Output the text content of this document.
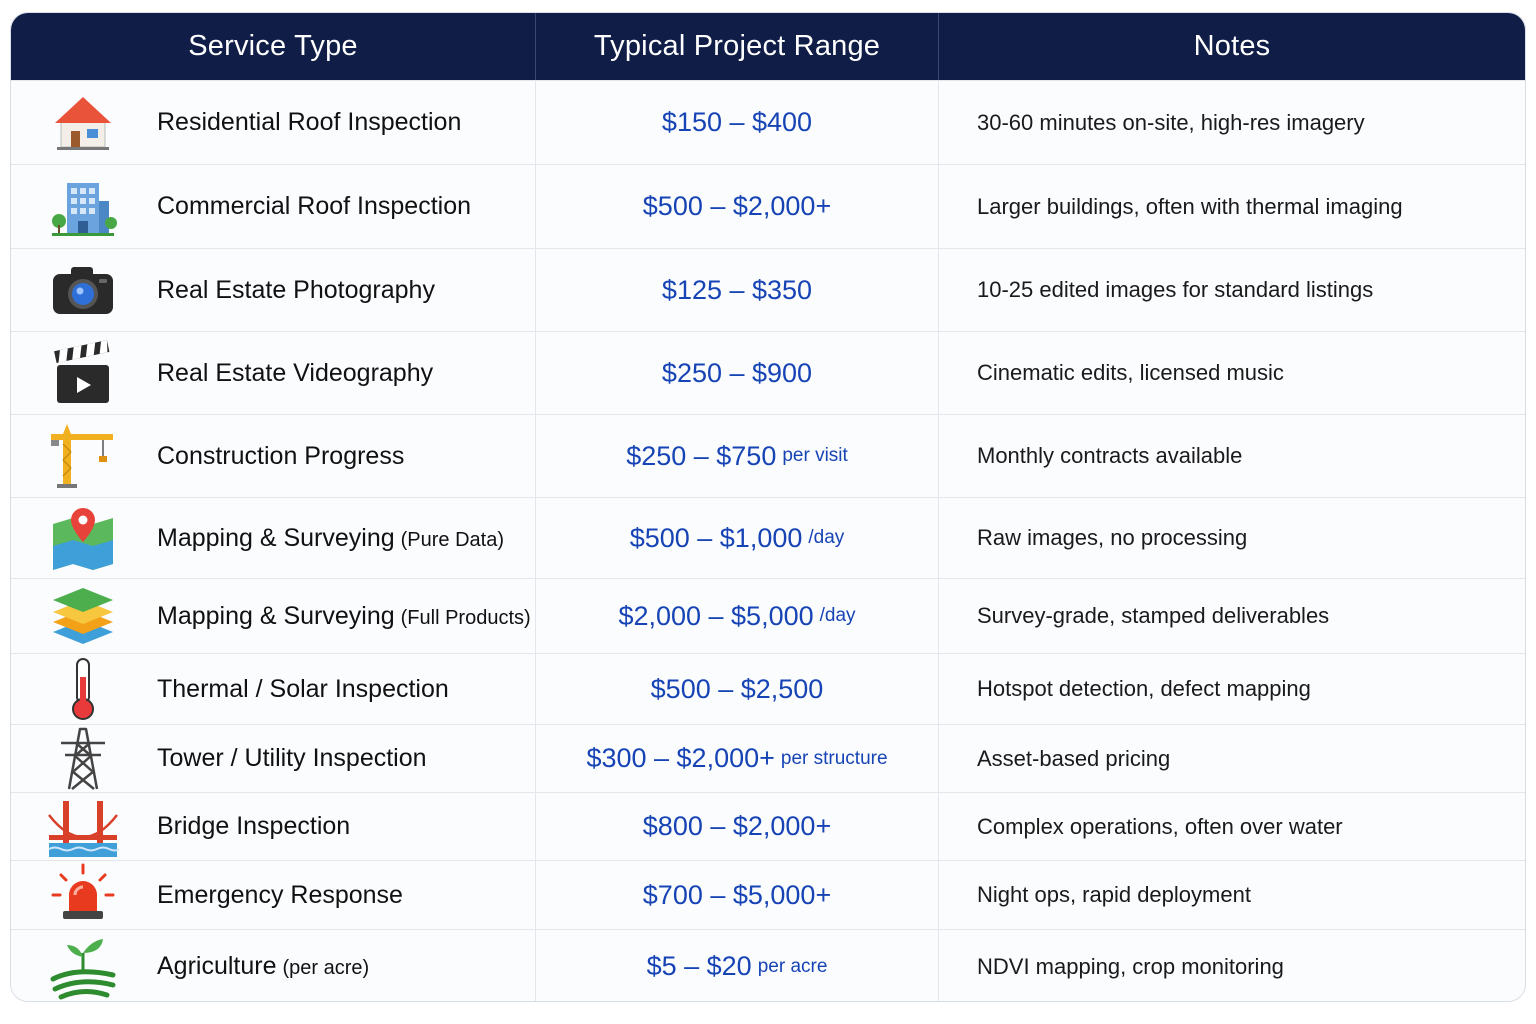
Service Type	Typical Project Range	Notes
Residential Roof Inspection	$150 – $400	30-60 minutes on-site, high-res imagery
Commercial Roof Inspection	$500 – $2,000+	Larger buildings, often with thermal imaging
Real Estate Photography	$125 – $350	10-25 edited images for standard listings
Real Estate Videography	$250 – $900	Cinematic edits, licensed music
Construction Progress	$250 – $750 per visit	Monthly contracts available
Mapping & Surveying (Pure Data)	$500 – $1,000 /day	Raw images, no processing
Mapping & Surveying (Full Products)	$2,000 – $5,000 /day	Survey-grade, stamped deliverables
Thermal / Solar Inspection	$500 – $2,500	Hotspot detection, defect mapping
Tower / Utility Inspection	$300 – $2,000+ per structure	Asset-based pricing
Bridge Inspection	$800 – $2,000+	Complex operations, often over water
Emergency Response	$700 – $5,000+	Night ops, rapid deployment
Agriculture (per acre)	$5 – $20 per acre	NDVI mapping, crop monitoring
